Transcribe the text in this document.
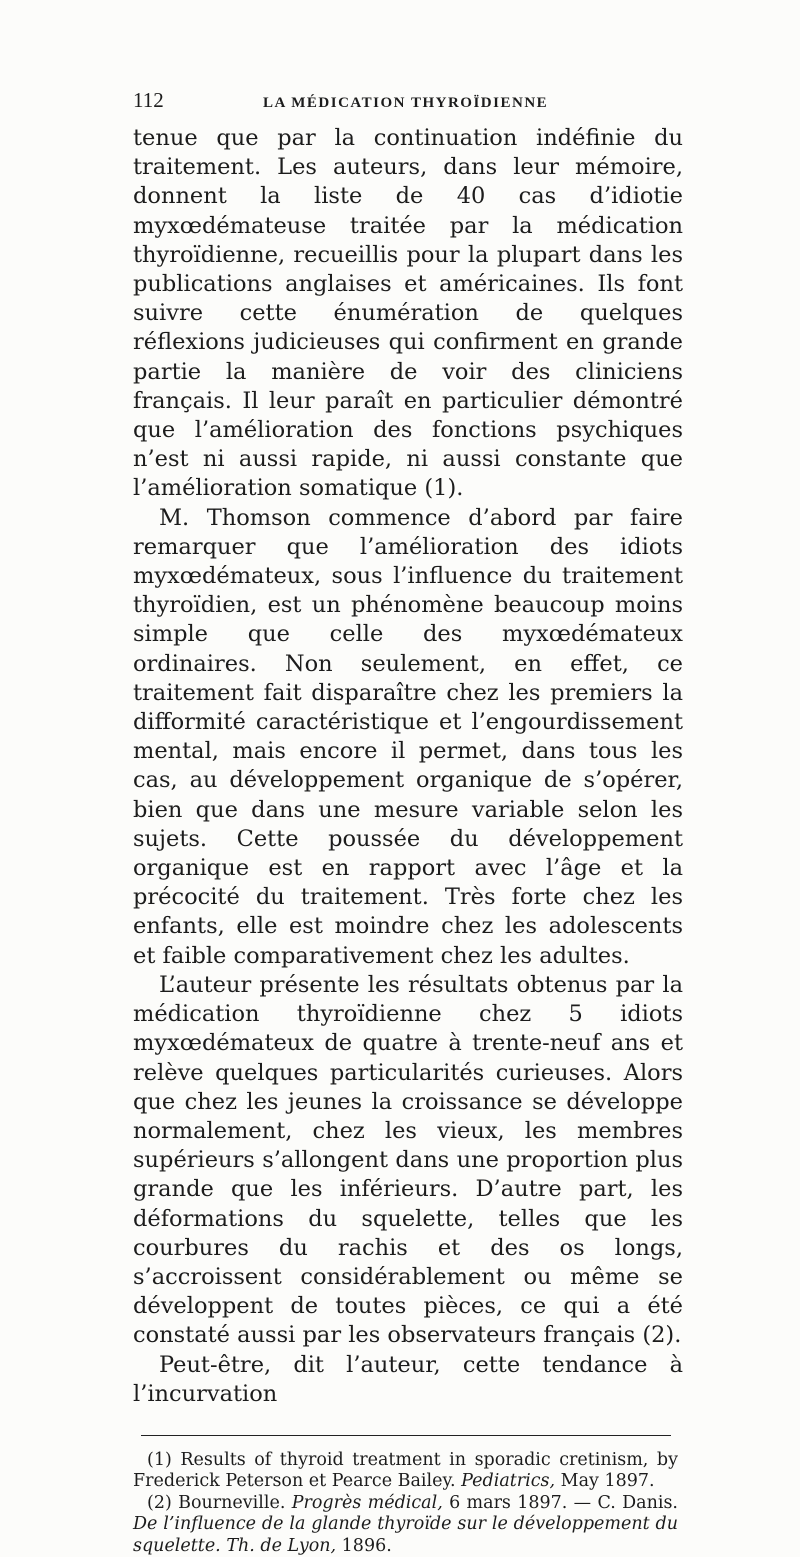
112	LA MÉDICATION THYROÏDIENNE

tenue que par la continuation indéfinie du traitement. Les auteurs, dans leur mémoire, donnent la liste de 40 cas d’idiotie myxœdémateuse traitée par la médication thyroïdienne, recueillis pour la plupart dans les publications anglaises et américaines. Ils font suivre cette énumération de quelques réflexions judicieuses qui confirment en grande partie la manière de voir des cliniciens français. Il leur paraît en particulier démontré que l’amélioration des fonctions psychiques n’est ni aussi rapide, ni aussi constante que l’amélioration somatique (1).

M. Thomson commence d’abord par faire remarquer que l’amélioration des idiots myxœdémateux, sous l’influence du traitement thyroïdien, est un phénomène beaucoup moins simple que celle des myxœdémateux ordinaires. Non seulement, en effet, ce traitement fait disparaître chez les premiers la difformité caractéristique et l’engourdissement mental, mais encore il permet, dans tous les cas, au développement organique de s’opérer, bien que dans une mesure variable selon les sujets. Cette poussée du développement organique est en rapport avec l’âge et la précocité du traitement. Très forte chez les enfants, elle est moindre chez les adolescents et faible comparativement chez les adultes.

L’auteur présente les résultats obtenus par la médication thyroïdienne chez 5 idiots myxœdémateux de quatre à trente-neuf ans et relève quelques particularités curieuses. Alors que chez les jeunes la croissance se développe normalement, chez les vieux, les membres supérieurs s’allongent dans une proportion plus grande que les inférieurs. D’autre part, les déformations du squelette, telles que les courbures du rachis et des os longs, s’accroissent considérablement ou même se développent de toutes pièces, ce qui a été constaté aussi par les observateurs français (2).

Peut-être, dit l’auteur, cette tendance à l’incurvation

(1) Results of thyroid treatment in sporadic cretinism, by Frederick Peterson et Pearce Bailey. Pediatrics, May 1897.

(2) Bourneville. Progrès médical, 6 mars 1897. — C. Danis. De l’influence de la glande thyroïde sur le développement du squelette. Th. de Lyon, 1896.
